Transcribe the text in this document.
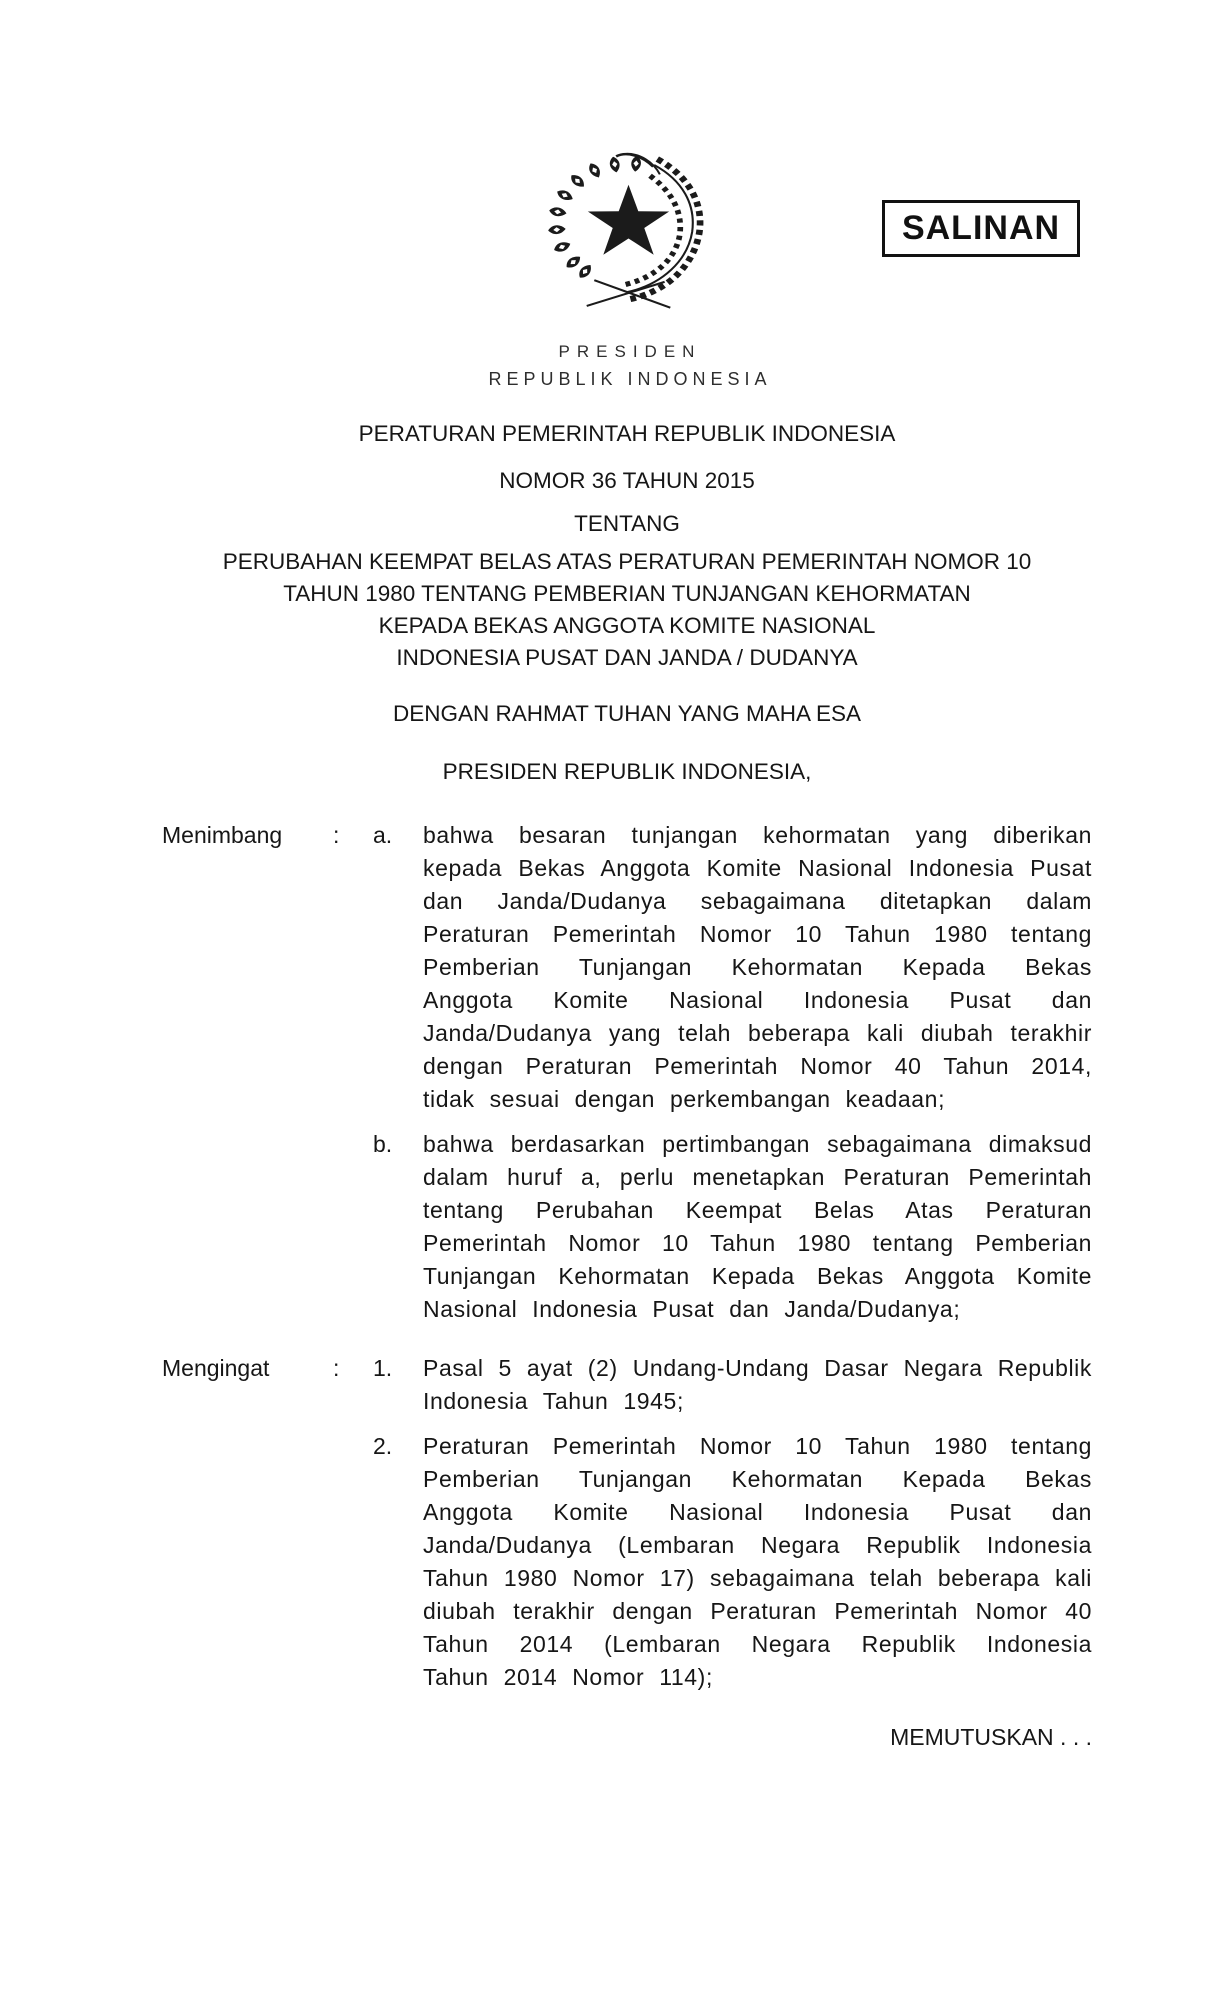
SALINAN
PRESIDEN
REPUBLIK INDONESIA
PERATURAN PEMERINTAH REPUBLIK INDONESIA
NOMOR 36 TAHUN 2015
TENTANG
PERUBAHAN KEEMPAT BELAS ATAS PERATURAN PEMERINTAH NOMOR 10
TAHUN 1980 TENTANG PEMBERIAN TUNJANGAN KEHORMATAN
KEPADA BEKAS ANGGOTA KOMITE NASIONAL
INDONESIA PUSAT DAN JANDA / DUDANYA
DENGAN RAHMAT TUHAN YANG MAHA ESA
PRESIDEN REPUBLIK INDONESIA,
Menimbang	:	a.	bahwa besaran tunjangan kehormatan yang diberikan kepada Bekas Anggota Komite Nasional Indonesia Pusat dan Janda/Dudanya sebagaimana ditetapkan dalam Peraturan Pemerintah Nomor 10 Tahun 1980 tentang Pemberian Tunjangan Kehormatan Kepada Bekas Anggota Komite Nasional Indonesia Pusat dan Janda/Dudanya yang telah beberapa kali diubah terakhir dengan Peraturan Pemerintah Nomor 40 Tahun 2014, tidak sesuai dengan perkembangan keadaan;
b.	bahwa berdasarkan pertimbangan sebagaimana dimaksud dalam huruf a, perlu menetapkan Peraturan Pemerintah tentang Perubahan Keempat Belas Atas Peraturan Pemerintah Nomor 10 Tahun 1980 tentang Pemberian Tunjangan Kehormatan Kepada Bekas Anggota Komite Nasional Indonesia Pusat dan Janda/Dudanya;
Mengingat	:	1.	Pasal 5 ayat (2) Undang-Undang Dasar Negara Republik Indonesia Tahun 1945;
2.	Peraturan Pemerintah Nomor 10 Tahun 1980 tentang Pemberian Tunjangan Kehormatan Kepada Bekas Anggota Komite Nasional Indonesia Pusat dan Janda/Dudanya (Lembaran Negara Republik Indonesia Tahun 1980 Nomor 17) sebagaimana telah beberapa kali diubah terakhir dengan Peraturan Pemerintah Nomor 40 Tahun 2014 (Lembaran Negara Republik Indonesia Tahun 2014 Nomor 114);
MEMUTUSKAN . . .
